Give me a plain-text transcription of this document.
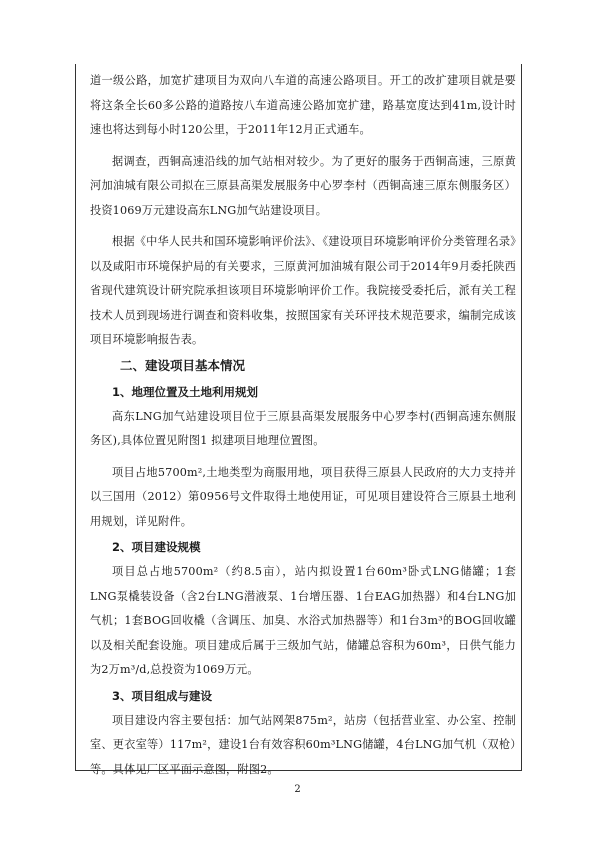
道一级公路，加宽扩建项目为双向八车道的高速公路项目。开工的改扩建项目就是要将这条全长60多公路的道路按八车道高速公路加宽扩建，路基宽度达到41m,设计时速也将达到每小时120公里，于2011年12月正式通车。

据调查，西铜高速沿线的加气站相对较少。为了更好的服务于西铜高速，三原黄河加油城有限公司拟在三原县高渠发展服务中心罗李村（西铜高速三原东侧服务区）投资1069万元建设高东LNG加气站建设项目。

根据《中华人民共和国环境影响评价法》、《建设项目环境影响评价分类管理名录》以及咸阳市环境保护局的有关要求，三原黄河加油城有限公司于2014年9月委托陕西省现代建筑设计研究院承担该项目环境影响评价工作。我院接受委托后，派有关工程技术人员到现场进行调查和资料收集，按照国家有关环评技术规范要求，编制完成该项目环境影响报告表。

二、建设项目基本情况
1、地理位置及土地利用规划

高东LNG加气站建设项目位于三原县高渠发展服务中心罗李村(西铜高速东侧服务区),具体位置见附图1 拟建项目地理位置图。

项目占地5700m²,土地类型为商服用地，项目获得三原县人民政府的大力支持并以三国用（2012）第0956号文件取得土地使用证，可见项目建设符合三原县土地利用规划，详见附件。

2、项目建设规模

项目总占地5700m²（约8.5亩），站内拟设置1台60m³卧式LNG储罐；1套LNG泵橇装设备（含2台LNG潜液泵、1台增压器、1台EAG加热器）和4台LNG加气机；1套BOG回收橇（含调压、加臭、水浴式加热器等）和1台3m³的BOG回收罐以及相关配套设施。项目建成后属于三级加气站，储罐总容积为60m³，日供气能力为2万m³/d,总投资为1069万元。

3、项目组成与建设

项目建设内容主要包括：加气站网架875m²，站房（包括营业室、办公室、控制室、更衣室等）117m²，建设1台有效容积60m³LNG储罐，4台LNG加气机（双枪）等。具体见厂区平面示意图，附图2。

2
